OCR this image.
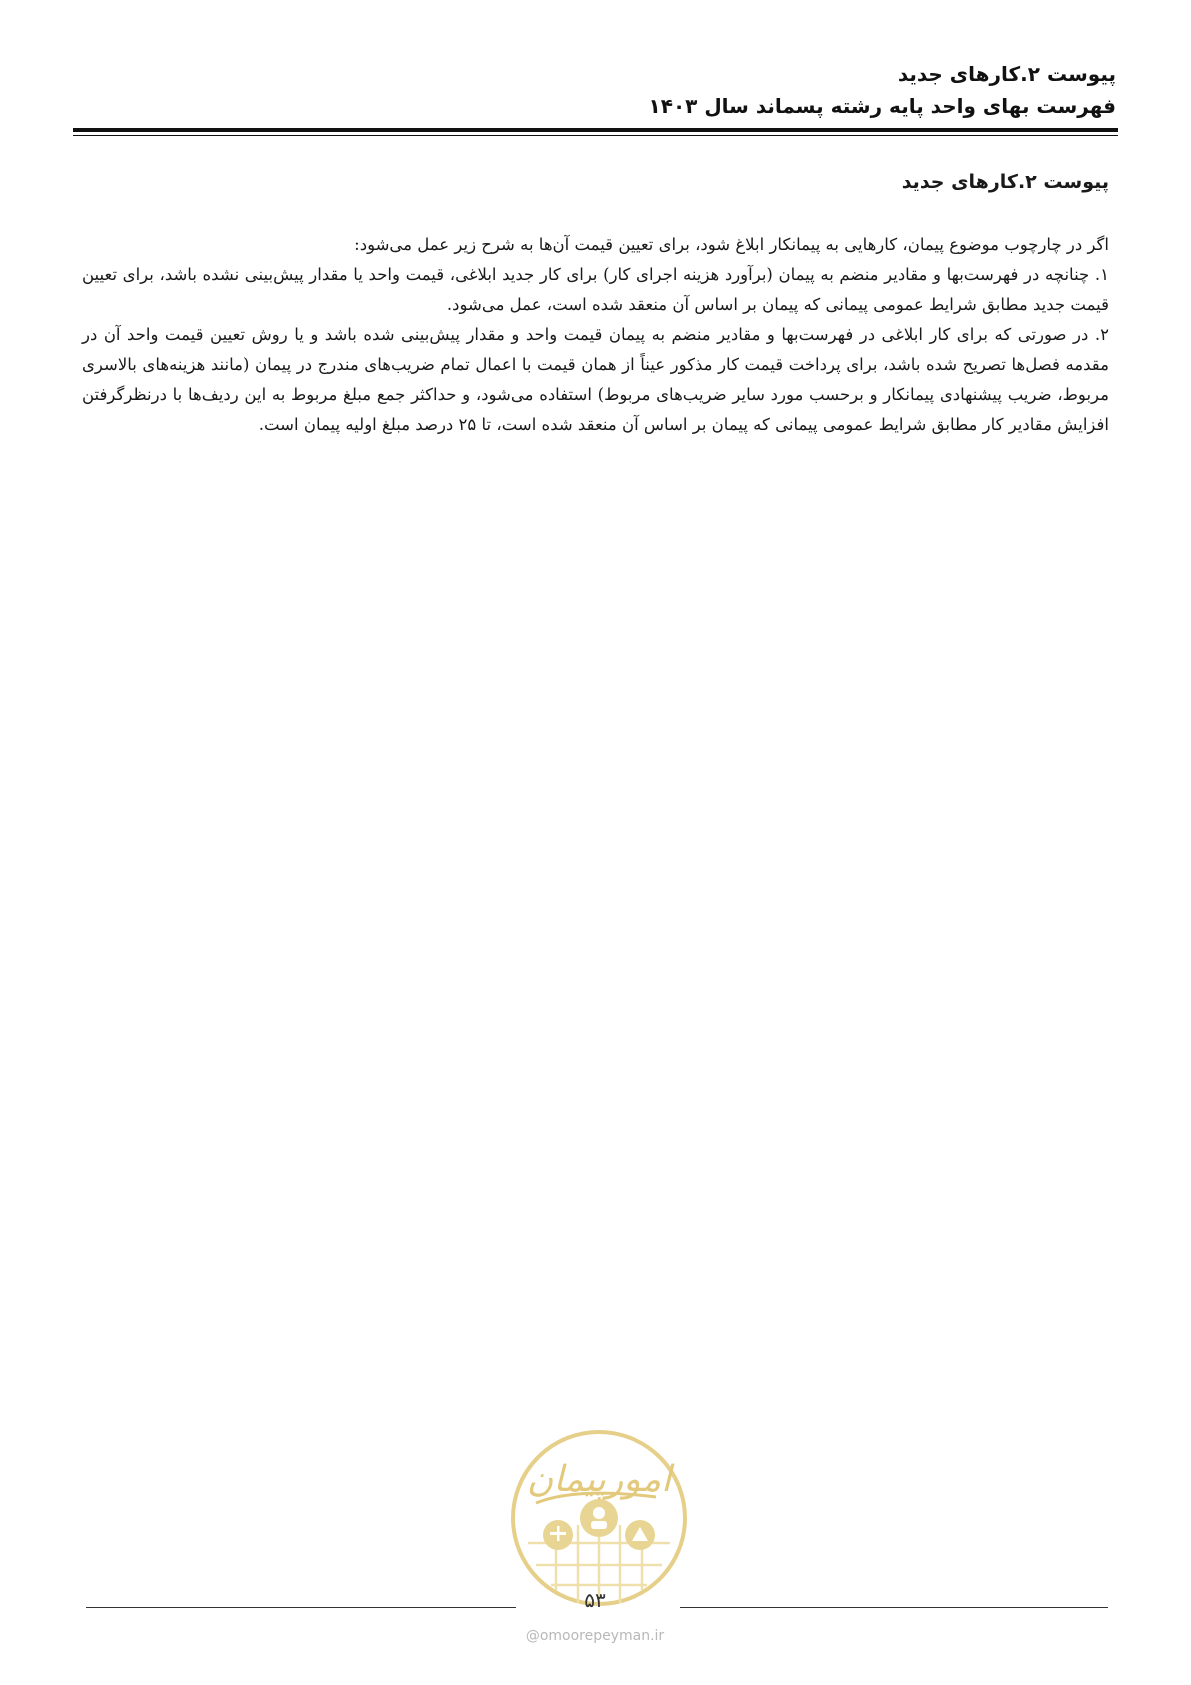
پیوست ۲.کارهای جدید
فهرست بهای واحد پایه رشته پسماند سال ۱۴۰۳
پیوست ۲.کارهای جدید

اگر در چارچوب موضوع پیمان، کارهایی به پیمانکار ابلاغ شود، برای تعیین قیمت آن‌ها به شرح زیر عمل می‌شود:

۱. چنانچه در فهرست‌بها و مقادیر منضم به پیمان (برآورد هزینه اجرای کار) برای کار جدید ابلاغی، قیمت واحد یا مقدار پیش‌بینی نشده باشد، برای تعیین قیمت جدید مطابق شرایط عمومی پیمانی که پیمان بر اساس آن منعقد شده است، عمل می‌شود.

۲. در صورتی که برای کار ابلاغی در فهرست‌بها و مقادیر منضم به پیمان قیمت واحد و مقدار پیش‌بینی شده باشد و یا روش تعیین قیمت واحد آن در مقدمه فصل‌ها تصریح شده باشد، برای پرداخت قیمت کار مذکور عیناً از همان قیمت با اعمال تمام ضریب‌های مندرج در پیمان (مانند هزینه‌های بالاسری مربوط، ضریب پیشنهادی پیمانکار و برحسب مورد سایر ضریب‌های مربوط) استفاده می‌شود، و حداکثر جمع مبلغ مربوط به این ردیف‌ها با درنظرگرفتن افزایش مقادیر کار مطابق شرایط عمومی پیمانی که پیمان بر اساس آن منعقد شده است، تا ۲۵ درصد مبلغ اولیه پیمان است.

امورپیمان
۵۳
@omoorepeyman.ir
